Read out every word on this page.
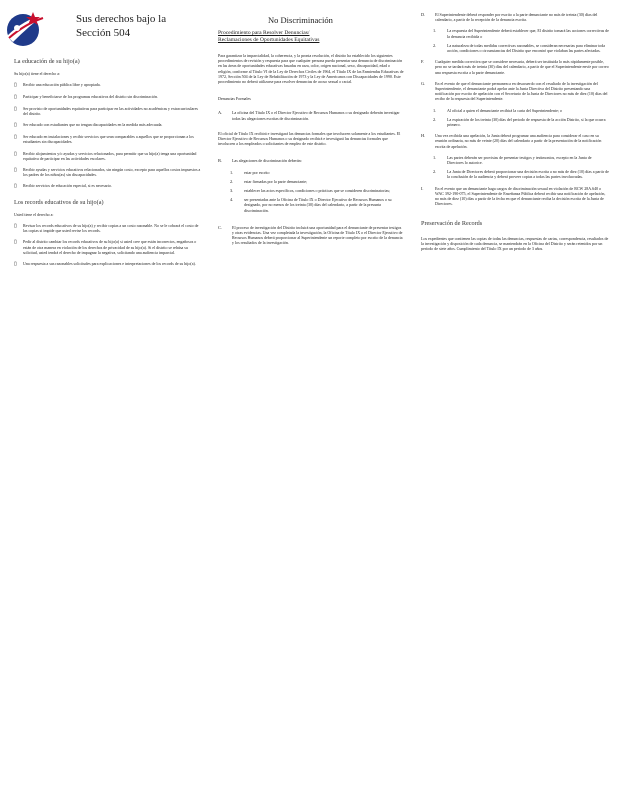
Sus derechos bajo la
Sección 504
No Discriminación
La educación de su hijo(a)
Su hijo(a) tiene el derecho a:
▯	Recibir una educación pública libre y apropiada.
▯	Participar y beneficiarse de los programas educativos del distrito sin discriminación.
▯	Ser provisto de oportunidades equitativas para participar en las actividades no académicas y extracurriculares del distrito.
▯	Ser educado con estudiantes que no tengan discapacidades en la medida más adecuada.
▯	Ser educado en instalaciones y recibir servicios que sean comparables a aquellos que se proporcionan a los estudiantes sin discapacidades.
▯	Recibir alojamientos y/o ayudas y servicios relacionados, para permitir que su hijo(a) tenga una oportunidad equitativa de participar en las actividades escolares.
▯	Recibir ayudas y servicios educativos relacionados, sin ningún costo, excepto para aquellos costos impuestos a los padres de los niños(as) sin discapacidades.
▯	Recibir servicios de educación especial, si es necesario.
Los records educativos de su hijo(a)
Usted tiene el derecho a:
▯	Revisar los records educativos de su hijo(a) y recibir copias a un costo razonable. No se le cobrará el costo de las copias si impide que usted revise los records.
▯	Pedir al distrito cambiar los records educativos de su hijo(a) si usted cree que están incorrectos, engañosos o están de otra manera en violación de los derechos de privacidad de su hijo(a). Si el distrito se rehúsa su solicitud, usted tendrá el derecho de impugnar la negativa, solicitando una audiencia imparcial.
▯	Una respuesta a sus razonables solicitudes para explicaciones e interpretaciones de los records de su hijo(a).
Procedimiento para Resolver Denuncias/
Reclamaciones de Oportunidades Equitativas
Para garantizar la imparcialidad, la coherencia, y la pronta resolución, el distrito ha establecido los siguientes procedimientos de revisión y respuesta para que cualquier persona pueda presentar una denuncia de discriminación en las áreas de oportunidades educativas basadas en raza, color, origen nacional, sexo, discapacidad, edad o religión, conforme al Título VI de la Ley de Derechos Civiles de 1964, el Título IX de las Enmiendas Educativas de 1972, Sección 504 de la Ley de Rehabilitación de 1973 y la Ley de Americanos con Discapacidades de 1990. Este procedimiento no deberá utilizarse para resolver denuncias de acoso sexual o racial.
Denuncias Formales
A.	La oficina del Título IX o el Director Ejecutivo de Recursos Humanos o su designado deberán investigar todas las alegaciones escritas de discriminación.
El oficial de Título IX recibirá e investigará las denuncias formales que involucren solamente a los estudiantes. El Director Ejecutivo de Recursos Humanos o su designado recibirá e investigará las denuncias formales que involucren a los empleados o solicitantes de empleo de este distrito.
B.	Las alegaciones de discriminación deberán:
1.	estar por escrito
2.	estar firmadas por la parte denunciante;
3.	establecer las actos específicos, condiciones o prácticas que se consideren discriminatorias;
4.	ser presentadas ante la Oficina de Título IX o Director Ejecutivo de Recursos Humanos o su designado, por no menos de los treinta (30) días del calendario, a partir de la presunta discriminación.
C.	El proceso de investigación del Distrito incluirá una oportunidad para el denunciante de presentar testigos y otras evidencias. Una vez completada la investigación, la Oficina de Título IX o el Director Ejecutivo de Recursos Humanos deberá proporcionar al Superintendente un reporte completo por escrito de la denuncia y los resultados de la investigación.
D.	El Superintendente deberá responder por escrito a la parte denunciante no más de treinta (30) días del calendario, a partir de la recepción de la denuncia escrita.
1.	La respuesta del Superintendente deberá establecer que, El distrito tomará las acciones correctivas de la denuncia recibida o
2.	La naturaleza de todas medidas correctivas razonables, se consideran necesarias para eliminar toda acción, condiciones o circunstancias del Distrito que encontró que violaban las partes afectadas.
F.	Cualquier medida correctiva que se considere necesaria, deberá ser instituida lo más rápidamente posible, pero no se tardará más de treinta (30) días del calendario, a partir de que el Superintendente envíe por correo una respuesta escrita a la parte denunciante.
G.	En el evento de que el denunciante permanezca en desacuerdo con el resultado de la investigación del Superintendente, el denunciante podrá apelar ante la Junta Directiva del Distrito presentando una notificación por escrito de apelación con el Secretario de la Junta de Directores no más de diez (10) días del recibo de la respuesta del Superintendente.
1.	Al oficial a quien el denunciante recibirá la carta del Superintendente; o
2.	La expiración de los treinta (30) días del periodo de respuesta de la acción Distrito, si la que ocurra primero.
H.	Una vez recibida una apelación, la Junta deberá programar una audiencia para considerar el caso en su reunión ordinaria, no más de veinte (20) días del calendario a partir de la presentación de la notificación escrita de apelación.
1.	Las partes deberán ser provistas de presentar testigos y testimonios, excepto en la Junta de Directores lo autorice.
2.	La Junta de Directores deberá proporcionar una decisión escrita a no más de diez (10) días a partir de la conclusión de la audiencia y deberá proveer copias a todas las partes involucradas.
I.	En el evento que un denunciante haga cargos de discriminación sexual en violación de RCW 28A.640 o WAC 392-190-075, el Superintendente de Enseñanza Pública deberá recibir una notificación de apelación, no más de diez (10) días a partir de la fecha en que el denunciante reciba la decisión escrita de la Junta de Directores.
Preservación de Records
Los expedientes que contienen las copias de todas las denuncias, respuestas de cartas, correspondencia, resultados de la investigación y disposición de cada denuncia, se mantendrán en la Oficina del Distrito y serán retenidos por un período de siete años. Cumplimiento del Título IX por un período de 3 años.
